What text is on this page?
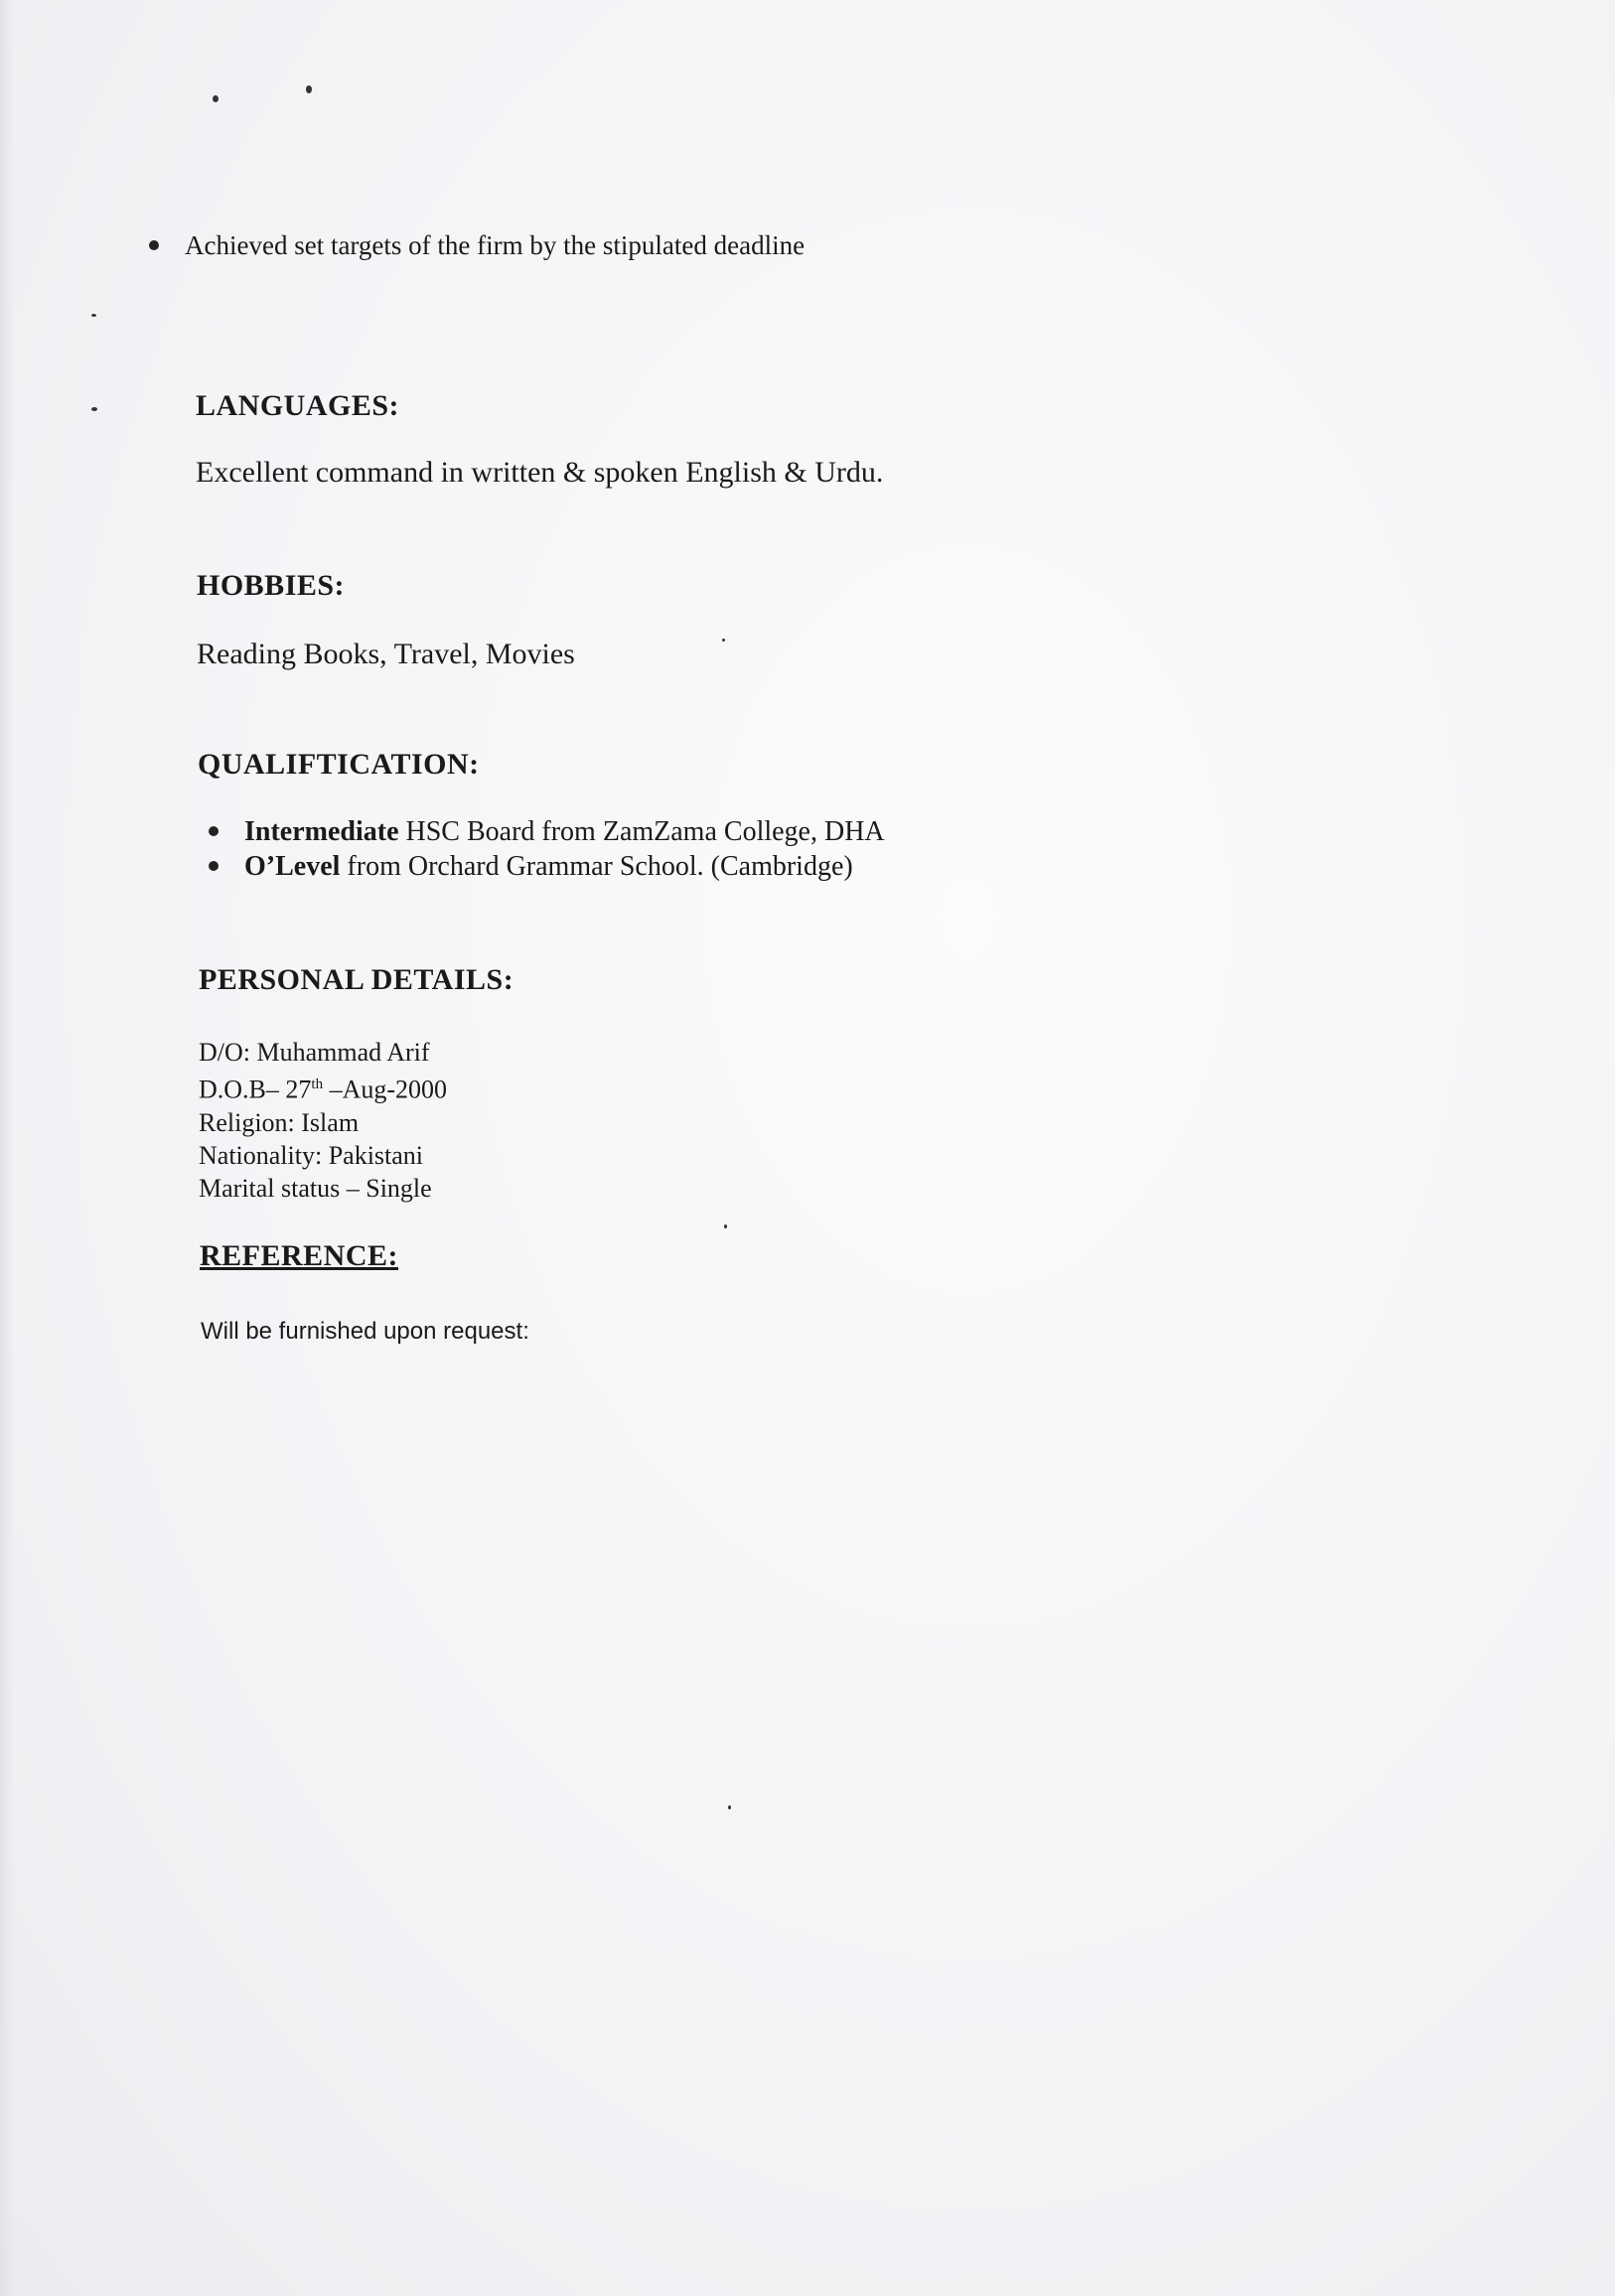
Achieved set targets of the firm by the stipulated deadline
LANGUAGES:
Excellent command in written & spoken English & Urdu.
HOBBIES:
Reading Books, Travel, Movies
QUALIFTICATION:
Intermediate HSC Board from ZamZama College, DHA
O’Level from Orchard Grammar School. (Cambridge)
PERSONAL DETAILS:
D/O: Muhammad Arif
D.O.B– 27th –Aug-2000
Religion: Islam
Nationality: Pakistani
Marital status – Single
REFERENCE:
Will be furnished upon request:
